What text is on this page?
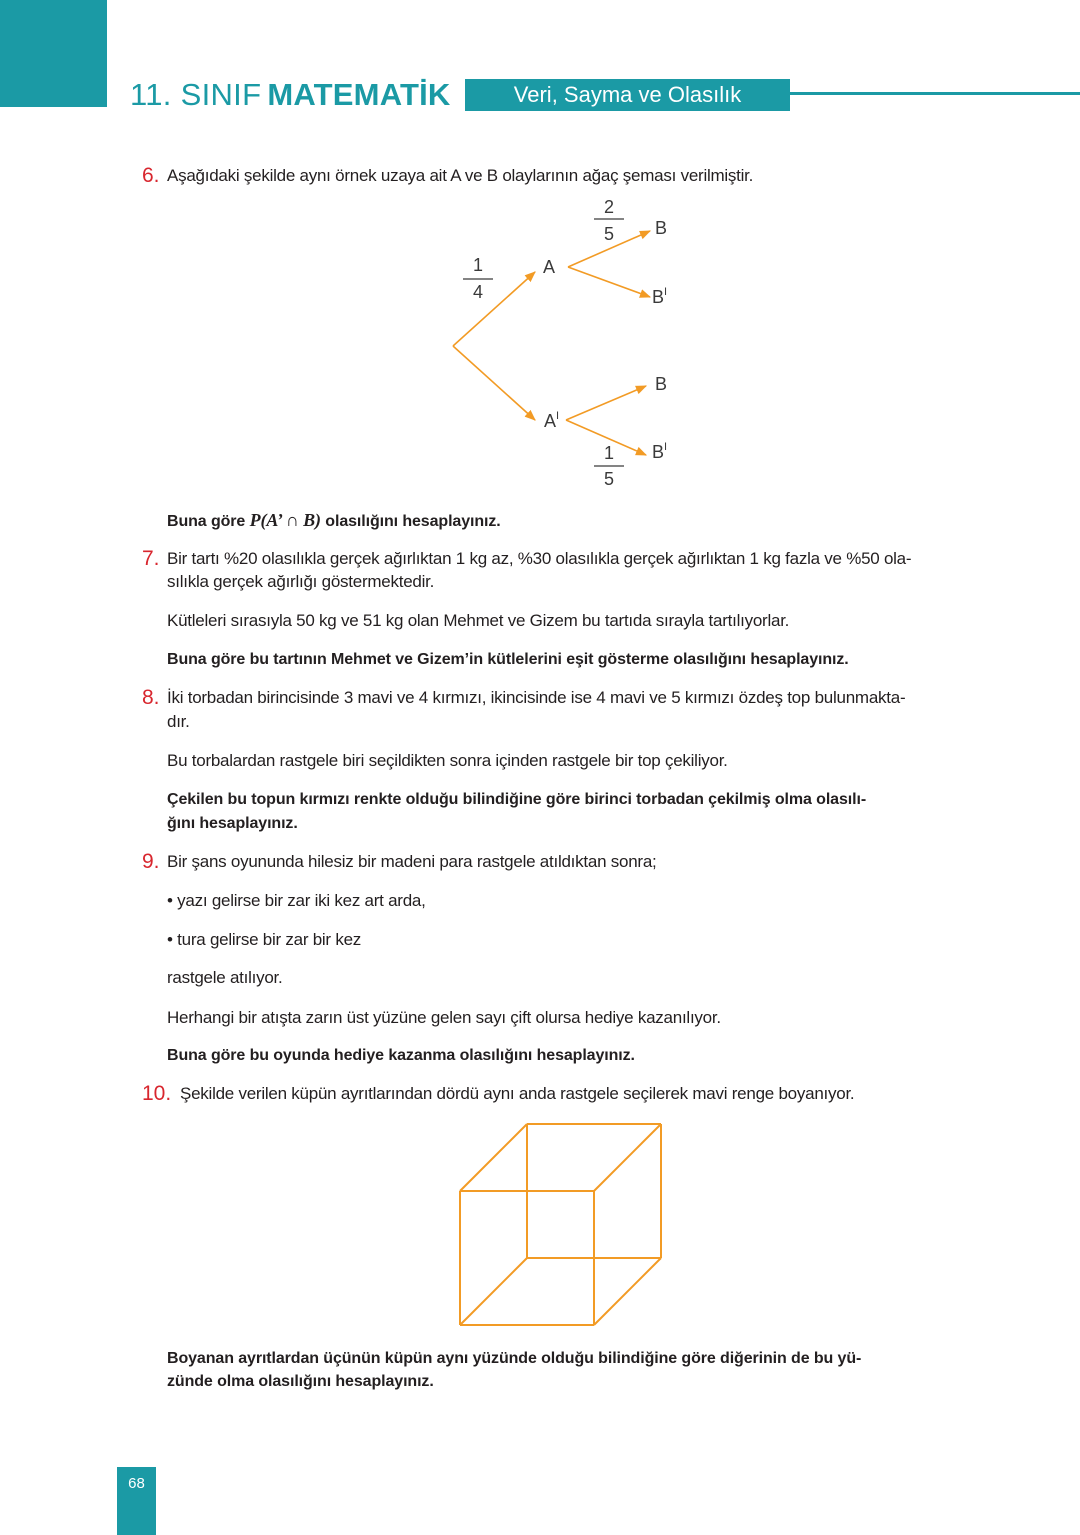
11. SINIF MATEMATİK	Veri, Sayma ve Olasılık
6. Aşağıdaki şekilde aynı örnek uzaya ait A ve B olaylarının ağaç şeması verilmiştir.
A
$A^I$
B
$B^I$
B
$B^I$
1
4
2
5
1
5
Buna göre P(A’ ∩ B) olasılığını hesaplayınız.
7. Bir tartı %20 olasılıkla gerçek ağırlıktan 1 kg az, %30 olasılıkla gerçek ağırlıktan 1 kg fazla ve %50 ola-
sılıkla gerçek ağırlığı göstermektedir.
Kütleleri sırasıyla 50 kg ve 51 kg olan Mehmet ve Gizem bu tartıda sırayla tartılıyorlar.
Buna göre bu tartının Mehmet ve Gizem’in kütlelerini eşit gösterme olasılığını hesaplayınız.
8. İki torbadan birincisinde 3 mavi ve 4 kırmızı, ikincisinde ise 4 mavi ve 5 kırmızı özdeş top bulunmakta-
dır.
Bu torbalardan rastgele biri seçildikten sonra içinden rastgele bir top çekiliyor.
Çekilen bu topun kırmızı renkte olduğu bilindiğine göre birinci torbadan çekilmiş olma olasılı-
ğını hesaplayınız.
9. Bir şans oyununda hilesiz bir madeni para rastgele atıldıktan sonra;
• yazı gelirse bir zar iki kez art arda,
• tura gelirse bir zar bir kez
rastgele atılıyor.
Herhangi bir atışta zarın üst yüzüne gelen sayı çift olursa hediye kazanılıyor.
Buna göre bu oyunda hediye kazanma olasılığını hesaplayınız.
10. Şekilde verilen küpün ayrıtlarından dördü aynı anda rastgele seçilerek mavi renge boyanıyor.
Boyanan ayrıtlardan üçünün küpün aynı yüzünde olduğu bilindiğine göre diğerinin de bu yü-
zünde olma olasılığını hesaplayınız.
68
